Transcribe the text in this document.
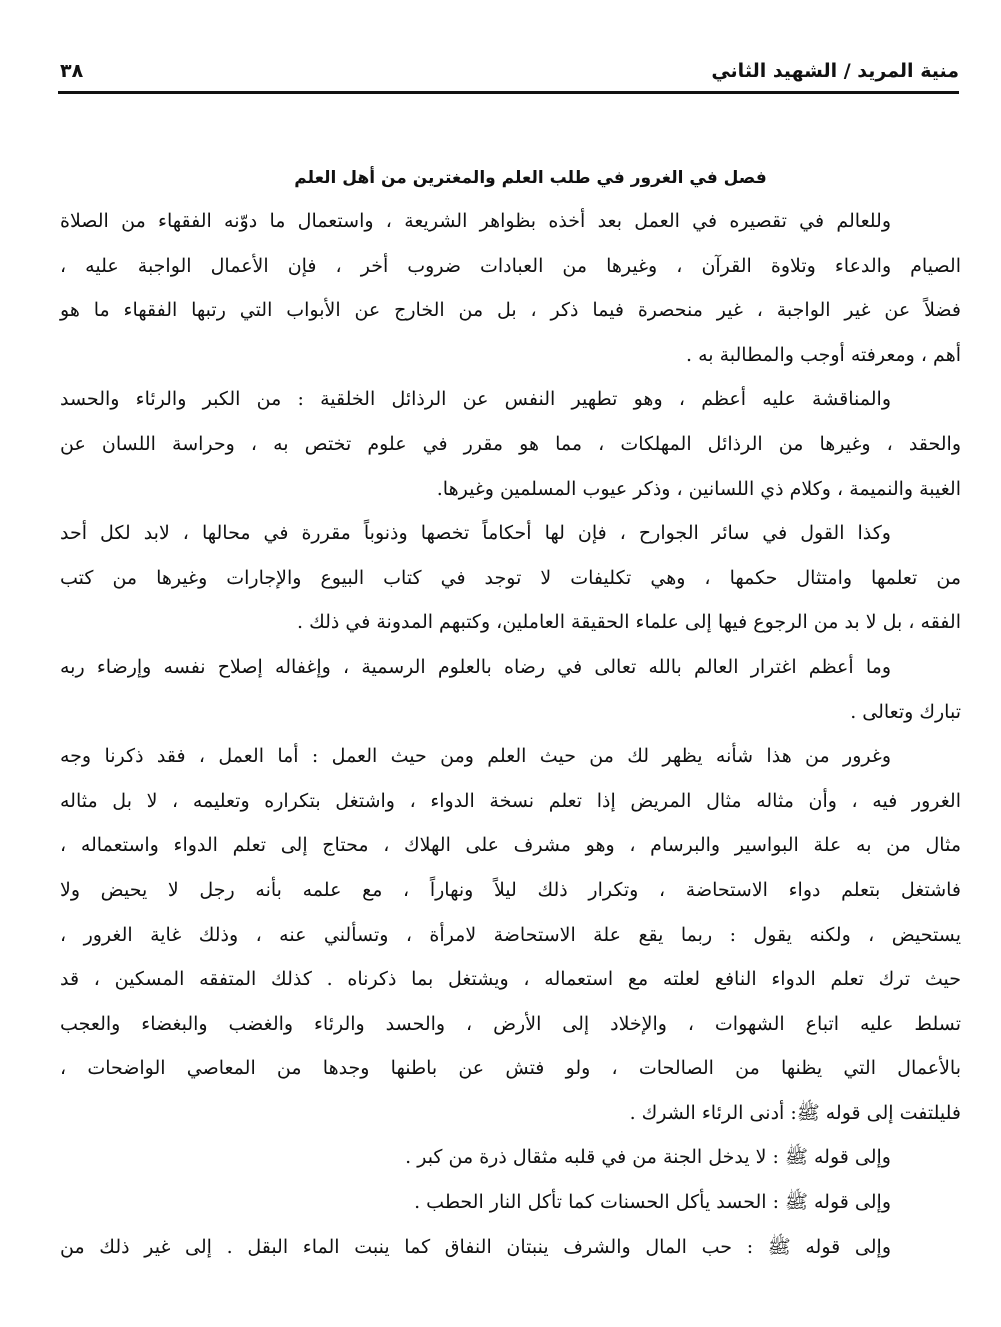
منية المريد / الشهيد الثاني
٣٨
فصل في الغرور في طلب العلم والمغترين من أهل العلم
وللعالم في تقصيره في العمل بعد أخذه بظواهر الشريعة ، واستعمال ما دوّنه الفقهاء من الصلاة
الصيام والدعاء وتلاوة القرآن ، وغيرها من العبادات ضروب أخر ، فإن الأعمال الواجبة عليه ،
فضلاً عن غير الواجبة ، غير منحصرة فيما ذكر ، بل من الخارج عن الأبواب التي رتبها الفقهاء ما هو
أهم ، ومعرفته أوجب والمطالبة به .
والمناقشة عليه أعظم ، وهو تطهير النفس عن الرذائل الخلقية : من الكبر والرئاء والحسد
والحقد ، وغيرها من الرذائل المهلكات ، مما هو مقرر في علوم تختص به ، وحراسة اللسان عن
الغيبة والنميمة ، وكلام ذي اللسانين ، وذكر عيوب المسلمين وغيرها.
وكذا القول في سائر الجوارح ، فإن لها أحكاماً تخصها وذنوباً مقررة في محالها ، لابد لكل أحد
من تعلمها وامتثال حكمها ، وهي تكليفات لا توجد في كتاب البيوع والإجارات وغيرها من كتب
الفقه ، بل لا بد من الرجوع فيها إلى علماء الحقيقة العاملين، وكتبهم المدونة في ذلك .
وما أعظم اغترار العالم بالله تعالى في رضاه بالعلوم الرسمية ، وإغفاله إصلاح نفسه وإرضاء ربه
تبارك وتعالى .
وغرور من هذا شأنه يظهر لك من حيث العلم ومن حيث العمل : أما العمل ، فقد ذكرنا وجه
الغرور فيه ، وأن مثاله مثال المريض إذا تعلم نسخة الدواء ، واشتغل بتكراره وتعليمه ، لا بل مثاله
مثال من به علة البواسير والبرسام ، وهو مشرف على الهلاك ، محتاج إلى تعلم الدواء واستعماله ،
فاشتغل بتعلم دواء الاستحاضة ، وتكرار ذلك ليلاً ونهاراً ، مع علمه بأنه رجل لا يحيض ولا
يستحيض ، ولكنه يقول : ربما يقع علة الاستحاضة لامرأة ، وتسألني عنه ، وذلك غاية الغرور ،
حيث ترك تعلم الدواء النافع لعلته مع استعماله ، ويشتغل بما ذكرناه . كذلك المتفقه المسكين ، قد
تسلط عليه اتباع الشهوات ، والإخلاد إلى الأرض ، والحسد والرئاء والغضب والبغضاء والعجب
بالأعمال التي يظنها من الصالحات ، ولو فتش عن باطنها وجدها من المعاصي الواضحات ،
فليلتفت إلى قوله ﷺ: أدنى الرئاء الشرك .
وإلى قوله ﷺ : لا يدخل الجنة من في قلبه مثقال ذرة من كبر .
وإلى قوله ﷺ : الحسد يأكل الحسنات كما تأكل النار الحطب .
وإلى قوله ﷺ : حب المال والشرف ينبتان النفاق كما ينبت الماء البقل . إلى غير ذلك من
